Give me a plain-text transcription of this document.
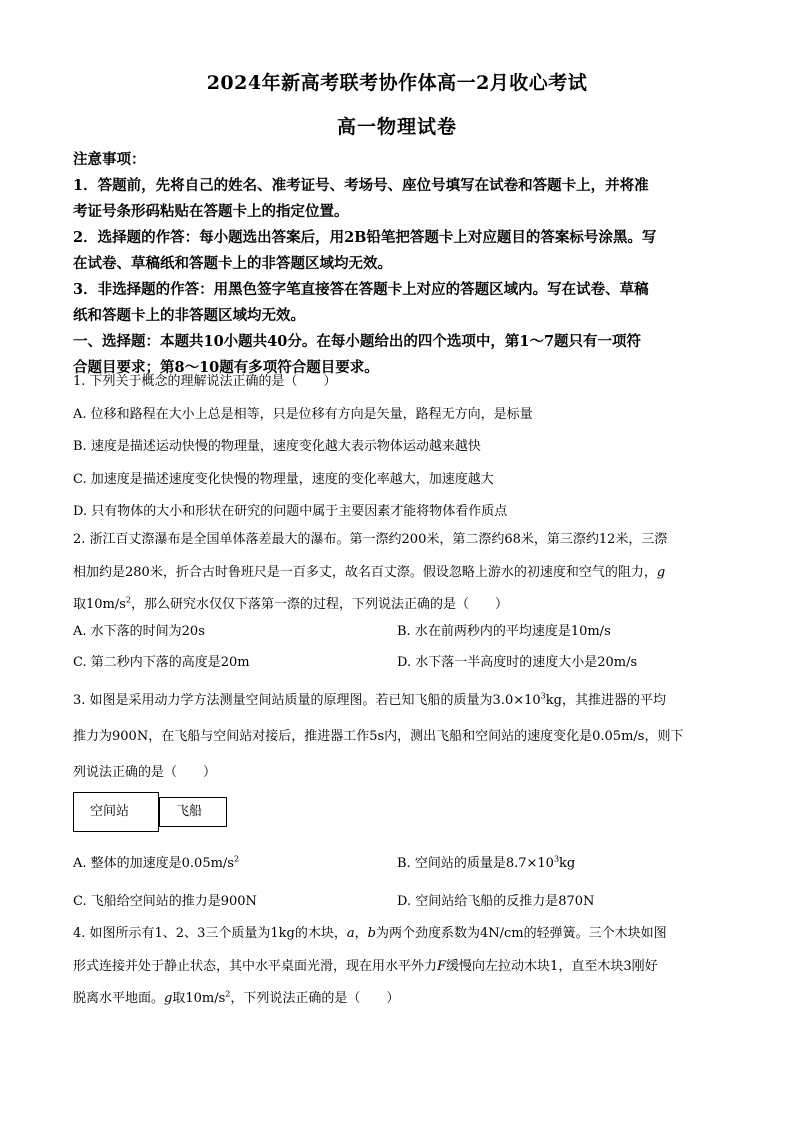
2024年新高考联考协作体高一2月收心考试
高一物理试卷
注意事项：
1．答题前，先将自己的姓名、准考证号、考场号、座位号填写在试卷和答题卡上，并将准
考证号条形码粘贴在答题卡上的指定位置。
2．选择题的作答：每小题选出答案后，用2B铅笔把答题卡上对应题目的答案标号涂黑。写
在试卷、草稿纸和答题卡上的非答题区域均无效。
3．非选择题的作答：用黑色签字笔直接答在答题卡上对应的答题区域内。写在试卷、草稿
纸和答题卡上的非答题区域均无效。
一、选择题：本题共10小题共40分。在每小题给出的四个选项中，第1～7题只有一项符
合题目要求；第8～10题有多项符合题目要求。
1. 下列关于概念的理解说法正确的是（　　）
A. 位移和路程在大小上总是相等，只是位移有方向是矢量，路程无方向，是标量
B. 速度是描述运动快慢的物理量，速度变化越大表示物体运动越来越快
C. 加速度是描述速度变化快慢的物理量，速度的变化率越大，加速度越大
D. 只有物体的大小和形状在研究的问题中属于主要因素才能将物体看作质点
2. 浙江百丈漈瀑布是全国单体落差最大的瀑布。第一漈约200米，第二漈约68米，第三漈约12米，三漈
相加约是280米，折合古时鲁班尺是一百多丈，故名百丈漈。假设忽略上游水的初速度和空气的阻力，g
取$10m/s^2$，那么研究水仅仅下落第一漈的过程，下列说法正确的是（　　）
A. 水下落的时间为20s	B. 水在前两秒内的平均速度是10m/s
C. 第二秒内下落的高度是20m	D. 水下落一半高度时的速度大小是20m/s
3. 如图是采用动力学方法测量空间站质量的原理图。若已知飞船的质量为$3.0\times 10^3kg$，其推进器的平均
推力为900N，在飞船与空间站对接后，推进器工作5s内，测出飞船和空间站的速度变化是0.05m/s，则下
列说法正确的是（　　）
空间站	飞船
A. 整体的加速度是$0.05m/s^2$	B. 空间站的质量是$8.7\times 10^3kg$
C. 飞船给空间站的推力是900N	D. 空间站给飞船的反推力是870N
4. 如图所示有1、2、3三个质量为1kg的木块，a，b为两个劲度系数为4N/cm的轻弹簧。三个木块如图
形式连接并处于静止状态，其中水平桌面光滑，现在用水平外力F缓慢向左拉动木块1，直至木块3刚好
脱离水平地面。g取$10m/s^2$，下列说法正确的是（　　）
